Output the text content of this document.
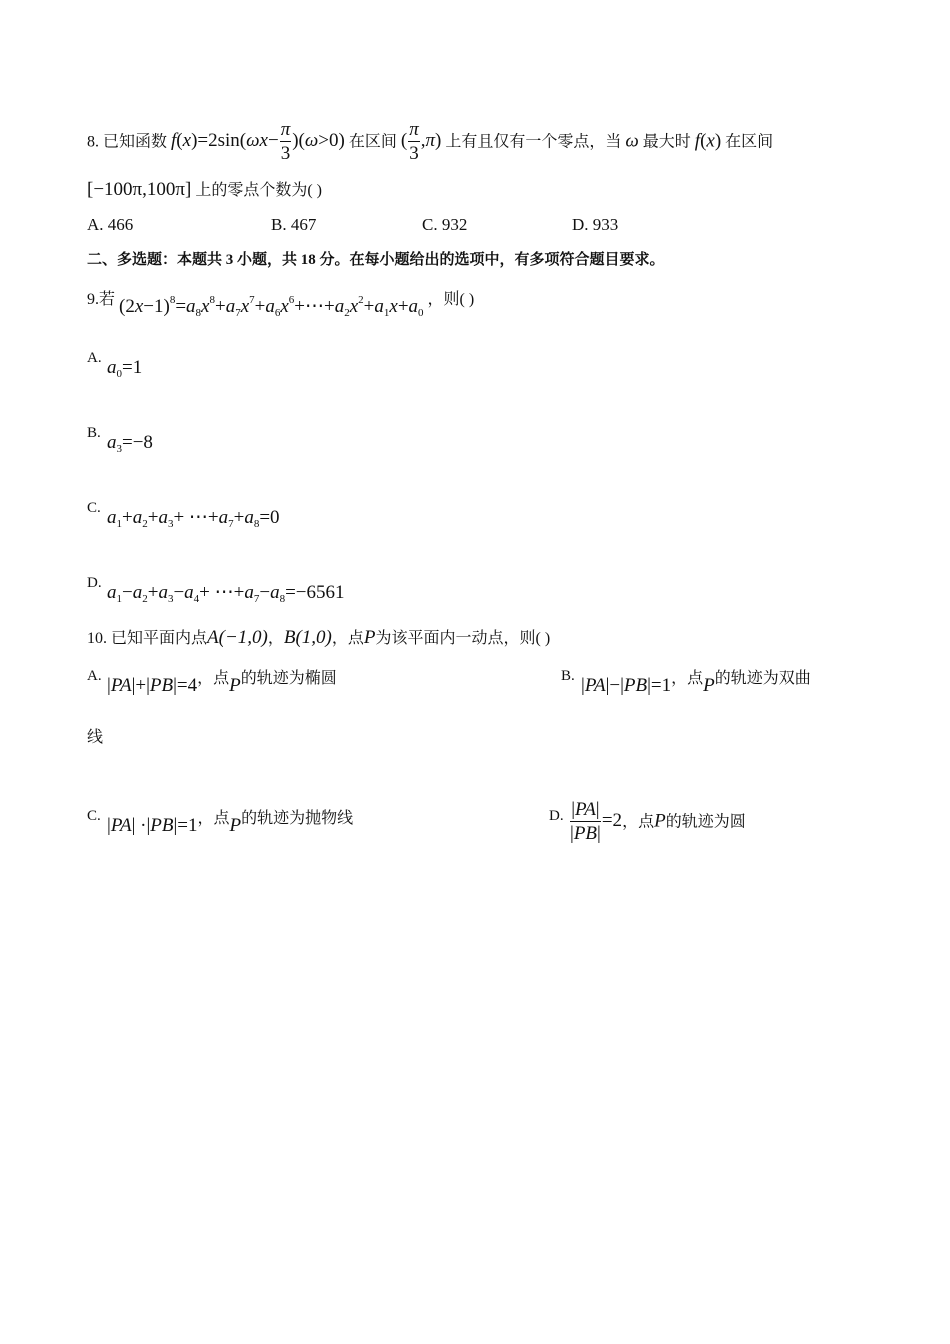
8. 已知函数 $f(x)=2\sin(\omega x- \frac{\pi}{3} )(\omega>0)$ 在区间 ( $\frac{\pi}{3} ,\pi$) 上有且仅有一个零点，当 ω 最大时 f(x) 在区间
[−100π,100π] 上的零点个数为( )
A. 466	B. 467	C. 932	D. 933
二、多选题：本题共 3 小题，共 18 分。在每小题给出的选项中，有多项符合题目要求。
9.若 $(2x-1)^8=a_8x^8+a_7x^7+a_6x^6+\cdots+a_2x^2+a_1x+a_0$ ，则( )
A. $a_0=1$
B. $a_3=-8$
C. $a_1+a_2+a_3+$ $\cdots+a_7+a_8=0$
D. $a_1-a_2+a_3-a_4+$ $\cdots+a_7-a_8=-6561$
10. 已知平面内点A(−1,0)，B(1,0)，点P为该平面内一动点，则( )
A. |PA|+|PB|=4，点P的轨迹为椭圆	B. |PA|−|PB|=1，点P的轨迹为双曲
线
C. |PA| ·|PB|=1，点P的轨迹为抛物线	D. $\frac{|PA|}{|PB|} =2$，点P的轨迹为圆
